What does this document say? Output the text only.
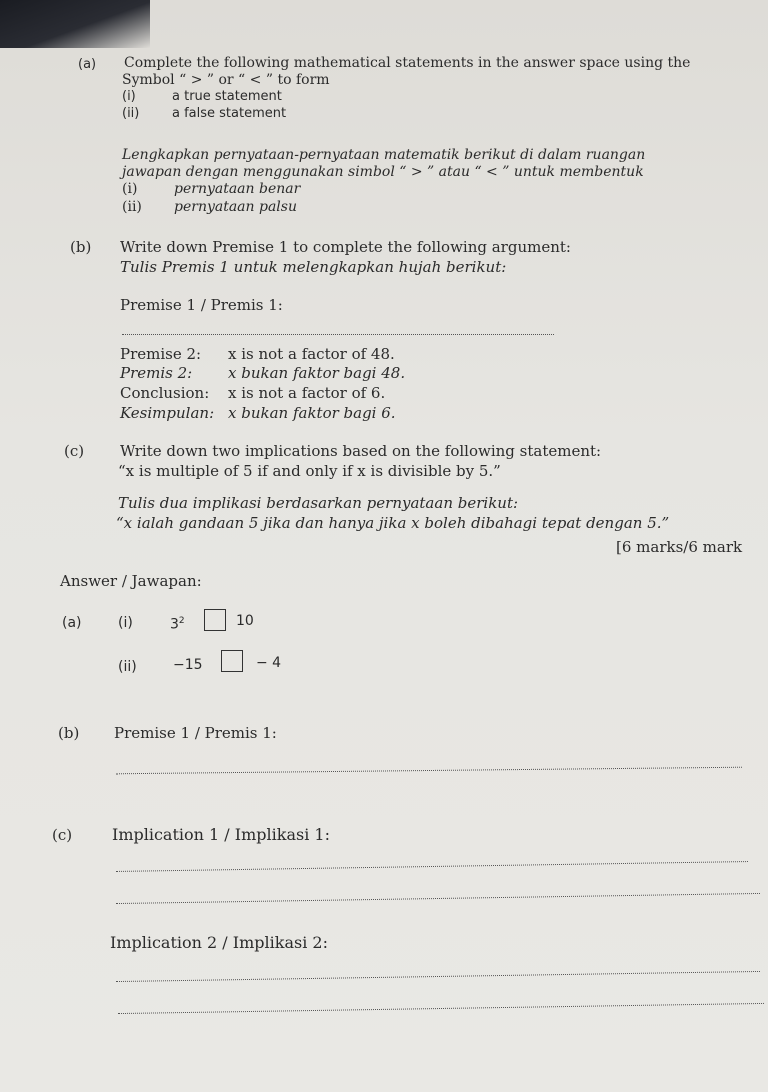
(a) Complete the following mathematical statements in the answer space using the
Symbol “ > ” or “ < ” to form
(i)	a true statement
(ii)	a false statement
Lengkapkan pernyataan-pernyataan matematik berikut di dalam ruangan
jawapan dengan menggunakan simbol “ > ” atau “ < ” untuk membentuk
(i)	pernyataan benar
(ii) pernyataan palsu
(b) Write down Premise 1 to complete the following argument:
Tulis Premis 1 untuk melengkapkan hujah berikut:
Premise 1 / Premis 1:
Premise 2: x is not a factor of 48.
Premis 2: x bukan faktor bagi 48.
Conclusion: x is not a factor of 6.
Kesimpulan: x bukan faktor bagi 6.
(c) Write down two implications based on the following statement:
“x is multiple of 5 if and only if x is divisible by 5.”
Tulis dua implikasi berdasarkan pernyataan berikut:
“x ialah gandaan 5 jika dan hanya jika x boleh dibahagi tepat dengan 5.”
[6 marks/6 mark
Answer / Jawapan:
(a)	(i)	$3^2$	10
(ii)	−15	− 4
(b) Premise 1 / Premis 1:
(c) Implication 1 / Implikasi 1:
Implication 2 / Implikasi 2:
